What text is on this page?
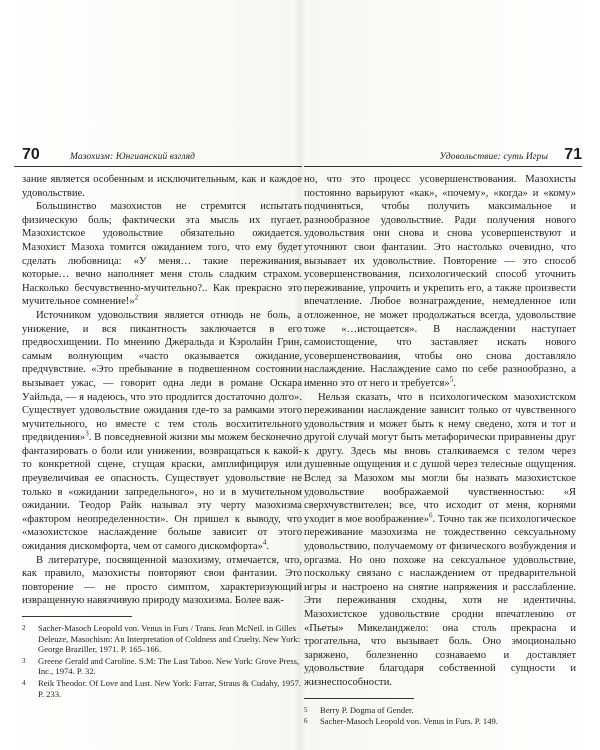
70	Мазохизм: Юнгианский взгляд

зание является особенным и исключительным, как и каждое удовольствие.

Большинство мазохистов не стремятся испытать физическую боль; фактически эта мысль их пугает. Мазохистское удовольствие обязательно ожидается. Мазохист Мазоха томится ожиданием того, что ему будет сделать любовница: «У меня… такие переживания, которые… вечно наполняет меня столь сладким страхом. Насколько бесчувственно-мучительно?.. Как прекрасно это мучительное сомнение!»$^2$

Источником удовольствия является отнюдь не боль, а унижение, и вся пикантность заключается в его предвосхищении. По мнению Джеральда и Кэролайн Грин, самым волнующим «часто оказывается ожидание, предчувствие. «Это пребывание в подвешенном состоянии вызывает ужас, — говорит одна леди в романе Оскара Уайльда, — я надеюсь, что это продлится достаточно долго». Существует удовольствие ожидания где-то за рамками этого мучительного, но вместе с тем столь восхитительного предвидения»$^3$. В повседневной жизни мы можем бесконечно фантазировать о боли или унижении, возвращаться к какой-то конкретной сцене, сгущая краски, амплифицируя или преувеличивая ее опасность. Существует удовольствие не только в «ожидании запредельного», но и в мучительном ожидании. Теодор Райк называл эту черту мазохизма «фактором неопределенности». Он пришел к выводу, что «мазохистское наслаждение больше зависит от этого ожидания дискомфорта, чем от самого дискомфорта»$^4$.

В литературе, посвященной мазохизму, отмечается, что, как правило, мазохисты повторяют свои фантазии. Это повторение — не просто симптом, характеризующий извращенную навязчивую природу мазохизма. Более важ-

2	Sacher-Masoch Leopold von. Venus in Furs / Trans. Jean McNeil. in Gilles Deleuze, Masochism: An Interpretation of Coldness and Cruelty. New York: George Braziller, 1971. P. 165–166.
3	Greene Gerald and Caroline. S.M: The Last Taboo. New York: Grove Press, Inc., 1974. P. 32.
4	Reik Theodor. Of Love and Lust. New York: Farrar, Straus & Cudahy, 1957. P. 233.
Удовольствие: суть Игры 71

но, что это процесс усовершенствования. Мазохисты постоянно варьируют «как», «почему», «когда» и «кому» подчиняться, чтобы получить максимальное и разнообразное удовольствие. Ради получения нового удовольствия они снова и снова усовершенствуют и уточняют свои фантазии. Это настолько очевидно, что вызывает их удовольствие. Повторение — это способ усовершенствования, психологический способ уточнить переживание, упрочить и укрепить его, а также произвести впечатление. Любое вознаграждение, немедленное или отложенное, не может продолжаться всегда, удовольствие тоже «…истощается». В наслаждении наступает самоистощение, что заставляет искать нового усовершенствования, чтобы оно снова доставляло наслаждение. Наслаждение само по себе разнообразно, а именно это от него и требуется»$^5$.

Нельзя сказать, что в психологическом мазохистском переживании наслаждение зависит только от чувственного удовольствия и может быть к нему сведено, хотя и тот и другой случай могут быть метафорически приравнены друг к другу. Здесь мы вновь сталкиваемся с телом через душевные ощущения и с душой через телесные ощущения. Вслед за Мазохом мы могли бы назвать мазохистское удовольствие воображаемой чувственностью: «Я сверхчувствителен; все, что исходит от меня, корнями уходит в мое воображение»$^6$. Точно так же психологическое переживание мазохизма не тождественно сексуальному удовольствию, получаемому от физического возбуждения и оргазма. Но оно похоже на сексуальное удовольствие, поскольку связано с наслаждением от предварительной игры и настроено на снятие напряжения и расслабление. Эти переживания сходны, хотя не идентичны. Мазохистское удовольствие сродни впечатлению от «Пьеты» Микеланджело: она столь прекрасна и трогательна, что вызывает боль. Оно эмоционально заряжено, болезненно сознаваемо и доставляет удовольствие благодаря собственной сущности и жизнеспособности.

5	Berry P. Dogma of Gender.
6	Sacher-Masoch Leopold von. Venus in Furs. P. 149.
